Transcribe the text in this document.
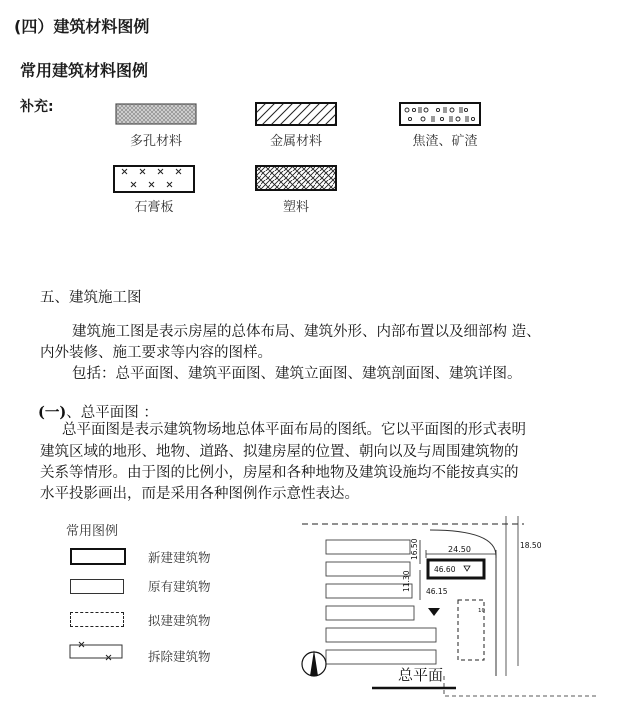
(四）建筑材料图例
常用建筑材料图例
补充:
多孔材料	金属材料	焦渣、矿渣
石膏板	塑料
五、建筑施工图
建筑施工图是表示房屋的总体布局、建筑外形、内部布置以及细部构 造、
内外装修、施工要求等内容的图样。
包括：总平面图、建筑平面图、建筑立面图、建筑剖面图、建筑详图。
(一)、总平面图 ：
总平面图是表示建筑物场地总体平面布局的图纸。它以平面图的形式表明
建筑区域的地形、地物、道路、拟建房屋的位置、朝向以及与周围建筑物的
关系等情形。由于图的比例小，房屋和各种地物及建筑设施均不能按真实的
水平投影画出，而是采用各种图例作示意性表达。
常用图例
新建建筑物
原有建筑物
拟建建筑物
拆除建筑物
24.50
16.50
11.30
18.50
46.60
46.15
10
总平面
